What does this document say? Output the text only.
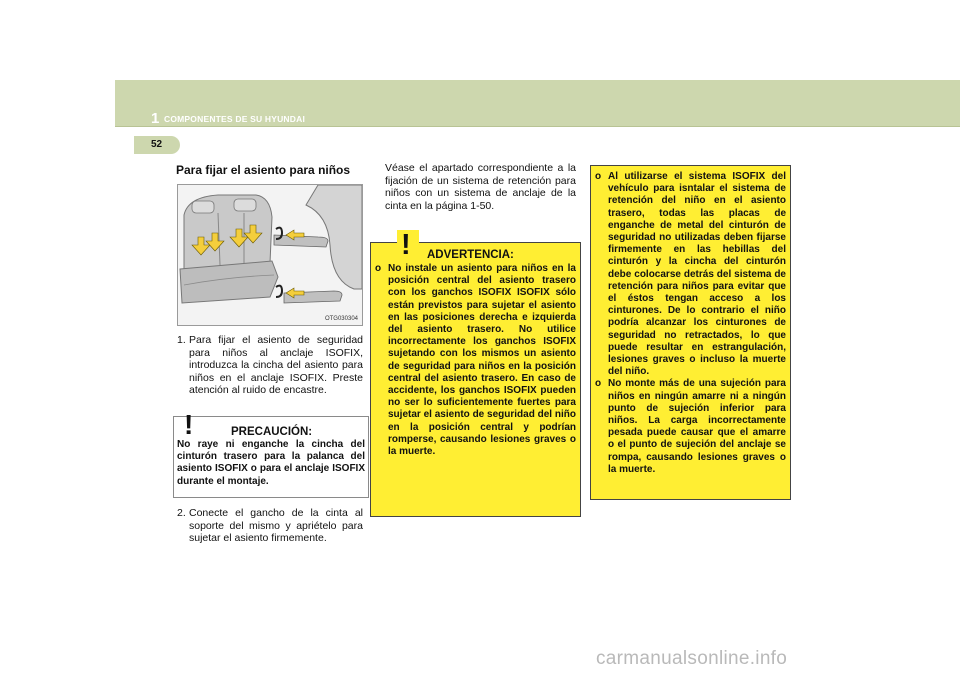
1 COMPONENTES DE SU HYUNDAI
52
Para fijar el asiento para niños
OTG030304
1. Para fijar el asiento de seguridad para niños al anclaje ISOFIX, introduzca la cincha del asiento para niños en el anclaje ISOFIX. Preste atención al ruido de encastre.
!	PRECAUCIÓN:
No raye ni enganche la cincha del cinturón trasero para la palanca del asiento ISOFIX o para el anclaje ISOFIX durante el montaje.
2. Conecte el gancho de la cinta al soporte del mismo y apriételo para sujetar el asiento firmemente.

Véase el apartado correspondiente a la fijación de un sistema de retención para niños con un sistema de anclaje de la cinta en la página 1-50.

! ADVERTENCIA:
o No instale un asiento para niños en la posición central del asiento trasero con los ganchos ISOFIX ISOFIX sólo están previstos para sujetar el asiento en las posiciones derecha e izquierda del asiento trasero. No utilice incorrectamente los ganchos ISOFIX sujetando con los mismos un asiento de seguridad para niños en la posición central del asiento trasero. En caso de accidente, los ganchos ISOFIX pueden no ser lo suficientemente fuertes para sujetar el asiento de seguridad del niño en la posición central y podrían romperse, causando lesiones graves o la muerte.
o Al utilizarse el sistema ISOFIX del vehículo para isntalar el sistema de retención del niño en el asiento trasero, todas las placas de enganche de metal del cinturón de seguridad no utilizadas deben fijarse firmemente en las hebillas del cinturón y la cincha del cinturón debe colocarse detrás del sistema de retención para niños para evitar que el éstos tengan acceso a los cinturones. De lo contrario el niño podría alcanzar los cinturones de seguridad no retractados, lo que puede resultar en estrangulación, lesiones graves o incluso la muerte del niño.
o No monte más de una sujeción para niños en ningún amarre ni a ningún punto de sujeción inferior para niños. La carga incorrectamente pesada puede causar que el amarre o el punto de sujeción del anclaje se rompa, causando lesiones graves o la muerte.
carmanualsonline.info
